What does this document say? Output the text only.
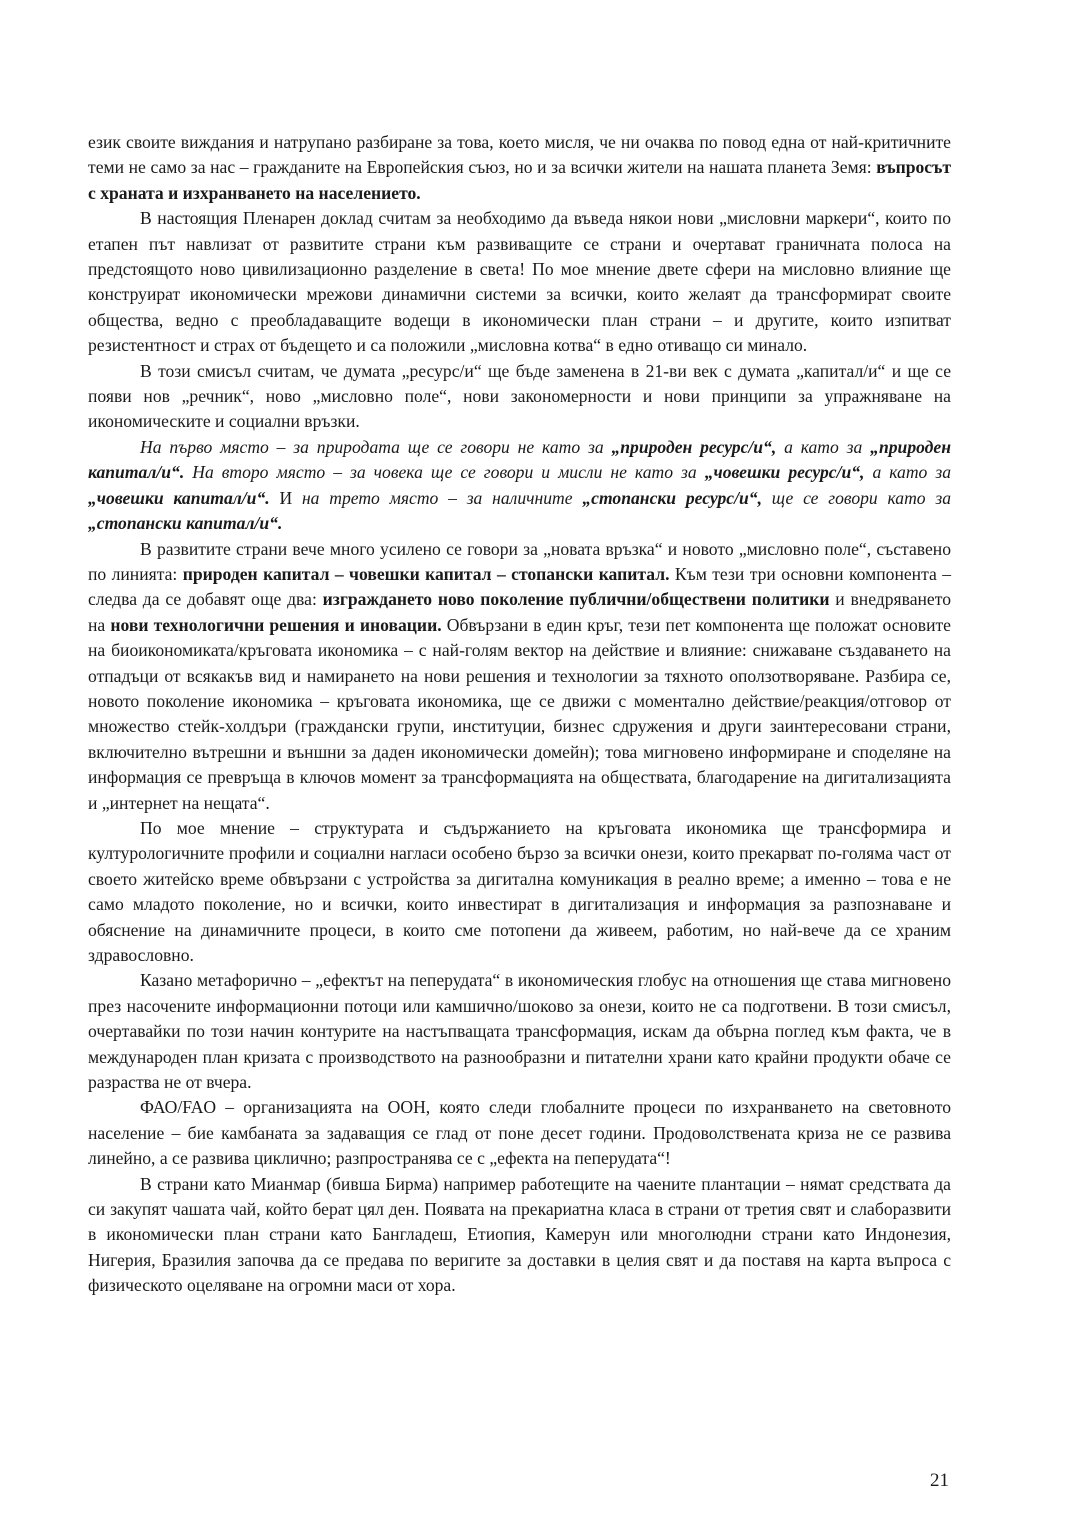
език своите виждания и натрупано разбиране за това, което мисля, че ни очаква по повод една от най-критичните теми не само за нас – гражданите на Европейския съюз, но и за всички жители на нашата планета Земя: въпросът с храната и изхранването на населението.

В настоящия Пленарен доклад считам за необходимо да въведа някои нови „мисловни маркери“, които по етапен път навлизат от развитите страни към развиващите се страни и очертават граничната полоса на предстоящото ново цивилизационно разделение в света! По мое мнение двете сфери на мисловно влияние ще конструират икономически мрежови динамични системи за всички, които желаят да трансформират своите общества, ведно с преобладаващите водещи в икономически план страни – и другите, които изпитват резистентност и страх от бъдещето и са положили „мисловна котва“ в едно отиващо си минало.

В този смисъл считам, че думата „ресурс/и“ ще бъде заменена в 21-ви век с думата „капитал/и“ и ще се появи нов „речник“, ново „мисловно поле“, нови закономерности и нови принципи за упражняване на икономическите и социални връзки.

На първо място – за природата ще се говори не като за „природен ресурс/и“, а като за „природен капитал/и“. На второ място – за човека ще се говори и мисли не като за „човешки ресурс/и“, а като за „човешки капитал/и“. И на трето място – за наличните „стопански ресурс/и“, ще се говори като за „стопански капитал/и“.

В развитите страни вече много усилено се говори за „новата връзка“ и новото „мисловно поле“, съставено по линията: природен капитал – човешки капитал – стопански капитал. Към тези три основни компонента – следва да се добавят още два: изграждането ново поколение публични/обществени политики и внедряването на нови технологични решения и иновации. Обвързани в един кръг, тези пет компонента ще положат основите на биоикономиката/кръговата икономика – с най-голям вектор на действие и влияние: снижаване създаването на отпадъци от всякакъв вид и намирането на нови решения и технологии за тяхното оползотворяване. Разбира се, новото поколение икономика – кръговата икономика, ще се движи с моментално действие/реакция/отговор от множество стейк-холдъри (граждански групи, институции, бизнес сдружения и други заинтересовани страни, включително вътрешни и външни за даден икономически домейн); това мигновено информиране и споделяне на информация се превръща в ключов момент за трансформацията на обществата, благодарение на дигитализацията и „интернет на нещата“.

По мое мнение – структурата и съдържанието на кръговата икономика ще трансформира и културологичните профили и социални нагласи особено бързо за всички онези, които прекарват по-голяма част от своето житейско време обвързани с устройства за дигитална комуникация в реално време; а именно – това е не само младото поколение, но и всички, които инвестират в дигитализация и информация за разпознаване и обяснение на динамичните процеси, в които сме потопени да живеем, работим, но най-вече да се храним здравословно.

Казано метафорично – „ефектът на пеперудата“ в икономическия глобус на отношения ще става мигновено през насочените информационни потоци или камшично/шоково за онези, които не са подготвени. В този смисъл, очертавайки по този начин контурите на настъпващата трансформация, искам да обърна поглед към факта, че в международен план кризата с производството на разнообразни и питателни храни като крайни продукти обаче се разраства не от вчера.

ФАО/FAO – организацията на ООН, която следи глобалните процеси по изхранването на световното население – бие камбаната за задаващия се глад от поне десет години. Продоволствената криза не се развива линейно, а се развива циклично; разпространява се с „ефекта на пеперудата“!

В страни като Мианмар (бивша Бирма) например работещите на чаените плантации – нямат средствата да си закупят чашата чай, който берат цял ден. Появата на прекариатна класа в страни от третия свят и слаборазвити в икономически план страни като Бангладеш, Етиопия, Камерун или многолюдни страни като Индонезия, Нигерия, Бразилия започва да се предава по веригите за доставки в целия свят и да поставя на карта въпроса с физическото оцеляване на огромни маси от хора.

21
